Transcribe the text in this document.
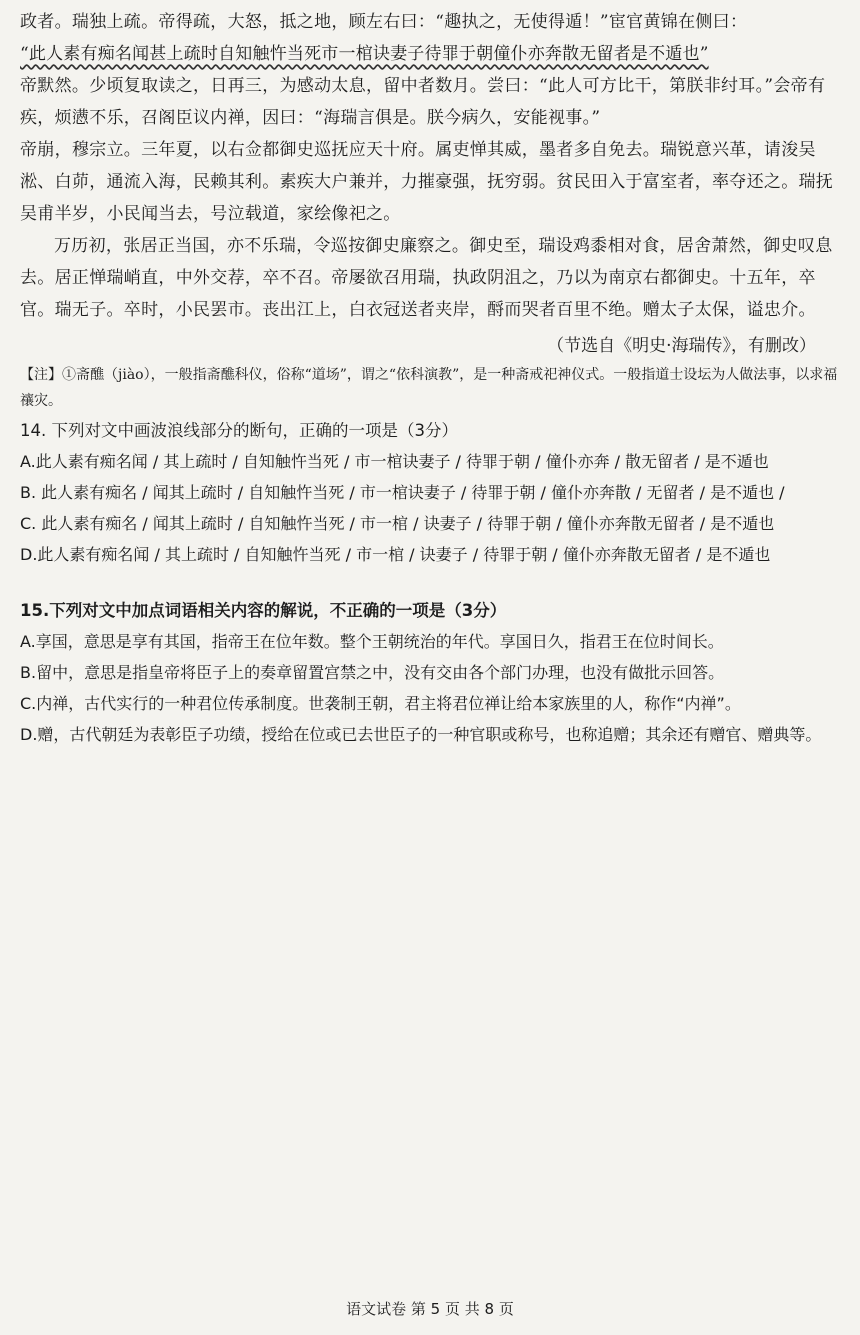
政者。瑞独上疏。帝得疏，大怒，抵之地，顾左右曰：“趣执之，无使得遁！”宦官黄锦在侧曰：

“此人素有痴名闻甚上疏时自知触忤当死市一棺诀妻子待罪于朝僮仆亦奔散无留者是不遁也”

帝默然。少顷复取读之，日再三，为感动太息，留中者数月。尝曰：“此人可方比干，第朕非纣耳。”会帝有疾，烦懑不乐，召阁臣议内禅，因曰：“海瑞言俱是。朕今病久，安能视事。”

帝崩，穆宗立。三年夏，以右佥都御史巡抚应天十府。属吏惮其威，墨者多自免去。瑞锐意兴革，请浚吴淞、白茆，通流入海，民赖其利。素疾大户兼并，力摧豪强，抚穷弱。贫民田入于富室者，率夺还之。瑞抚吴甫半岁，小民闻当去，号泣载道，家绘像祀之。

万历初，张居正当国，亦不乐瑞，令巡按御史廉察之。御史至，瑞设鸡黍相对食，居舍萧然，御史叹息去。居正惮瑞峭直，中外交荐，卒不召。帝屡欲召用瑞，执政阴沮之，乃以为南京右都御史。十五年，卒官。瑞无子。卒时，小民罢市。丧出江上，白衣冠送者夹岸，酹而哭者百里不绝。赠太子太保，谥忠介。

（节选自《明史·海瑞传》，有删改）

【注】①斋醮（jiào），一般指斋醮科仪，俗称“道场”，谓之“依科演教”，是一种斋戒祀神仪式。一般指道士设坛为人做法事，以求福禳灾。

14. 下列对文中画波浪线部分的断句，正确的一项是（3分）

A.此人素有痴名闻 / 其上疏时 / 自知触忤当死 / 市一棺诀妻子 / 待罪于朝 / 僮仆亦奔 / 散无留者 / 是不遁也

B. 此人素有痴名 / 闻其上疏时 / 自知触忤当死 / 市一棺诀妻子 / 待罪于朝 / 僮仆亦奔散 / 无留者 / 是不遁也 /

C. 此人素有痴名 / 闻其上疏时 / 自知触忤当死 / 市一棺 / 诀妻子 / 待罪于朝 / 僮仆亦奔散无留者 / 是不遁也

D.此人素有痴名闻 / 其上疏时 / 自知触忤当死 / 市一棺 / 诀妻子 / 待罪于朝 / 僮仆亦奔散无留者 / 是不遁也

15.下列对文中加点词语相关内容的解说，不正确的一项是（3分）

A.享国，意思是享有其国，指帝王在位年数。整个王朝统治的年代。享国日久，指君王在位时间长。

B.留中，意思是指皇帝将臣子上的奏章留置宫禁之中，没有交由各个部门办理，也没有做批示回答。

C.内禅，古代实行的一种君位传承制度。世袭制王朝，君主将君位禅让给本家族里的人，称作“内禅”。

D.赠，古代朝廷为表彰臣子功绩，授给在位或已去世臣子的一种官职或称号，也称追赠；其余还有赠官、赠典等。

语文试卷 第 5 页 共 8 页
